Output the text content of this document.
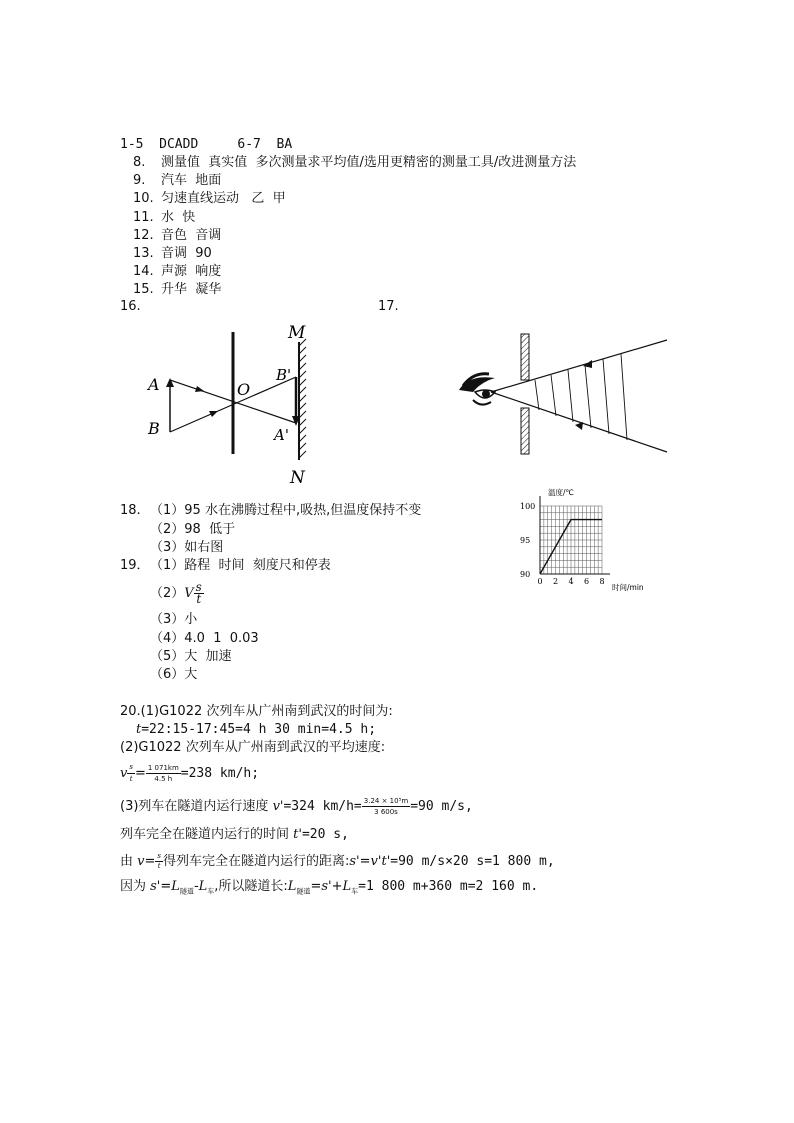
1-5  DCADD     6-7  BA
8. 测量值  真实值  多次测量求平均值/选用更精密的测量工具/改进测量方法
9. 汽车  地面
10. 匀速直线运动   乙  甲
11. 水  快
12. 音色  音调
13. 音调  90
14. 声源  响度
15. 升华  凝华
16.	17.
A
B
O
B'
A'
M
N
18. （1）95 水在沸腾过程中,吸热,但温度保持不变
（2）98  低于
（3）如右图
100
95
90
0 2 4 6 8
温度/℃
时间/min
19． （1）路程  时间  刻度尺和停表
$(2)V \frac{s}{t}$
（3）小
（4）4.0  1  0.03
（5）大  加速
（6）大
20.(1)G1022 次列车从广州南到武汉的时间为:
t=22:15-17:45=4 h 30 min=4.5 h;
(2)G1022 次列车从广州南到武汉的平均速度:
v $\frac{s}{t} = \frac{1 071km}{4.5 h} =238$ km/h;
(3)列车在隧道内运行速度 v'=324 $km/h= \frac{\text{3.24 × 10⁵m}}{3 600s} =90$ m/s,
列车完全在隧道内运行的时间 t'=20 s,
由 $v= \frac{s}{t}$ 得列车完全在隧道内运行的距离:s'=v't'=90 m/s×20 s=1 800 m,
因为 $s'=L_{隧道}-L_车$,所以隧道长$:L_{隧道}=s'+L_车=1$ 800 m+360 m=2 160 m.
